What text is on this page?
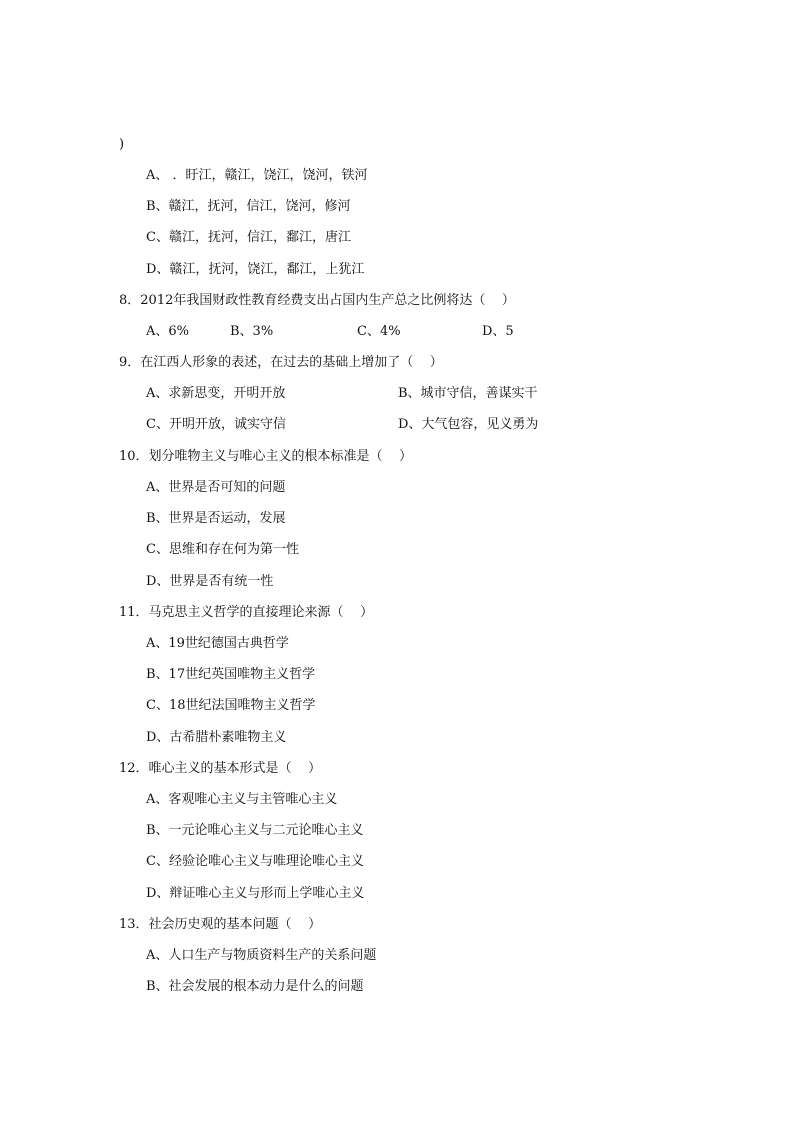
)
A、 ．盱江，赣江，饶江，饶河，铁河
B、赣江，抚河，信江，饶河，修河
C、赣江，抚河，信江，鄱江，唐江
D、赣江，抚河，饶江，鄱江，上犹江
8．2012年我国财政性教育经费支出占国内生产总之比例将达（    ）
A、6%	B、3%	C、4%	D、5
9．在江西人形象的表述，在过去的基础上增加了（    ）
A、求新思变，开明开放	B、城市守信，善谋实干
C、开明开放，诚实守信	D、大气包容，见义勇为
10．划分唯物主义与唯心主义的根本标准是（    ）
A、世界是否可知的问题
B、世界是否运动，发展
C、思维和存在何为第一性
D、世界是否有统一性
11．马克思主义哲学的直接理论来源（    ）
A、19世纪德国古典哲学
B、17世纪英国唯物主义哲学
C、18世纪法国唯物主义哲学
D、古希腊朴素唯物主义
12．唯心主义的基本形式是（    ）
A、客观唯心主义与主管唯心主义
B、一元论唯心主义与二元论唯心主义
C、经验论唯心主义与唯理论唯心主义
D、辩证唯心主义与形而上学唯心主义
13．社会历史观的基本问题（    ）
A、人口生产与物质资料生产的关系问题
B、社会发展的根本动力是什么的问题
